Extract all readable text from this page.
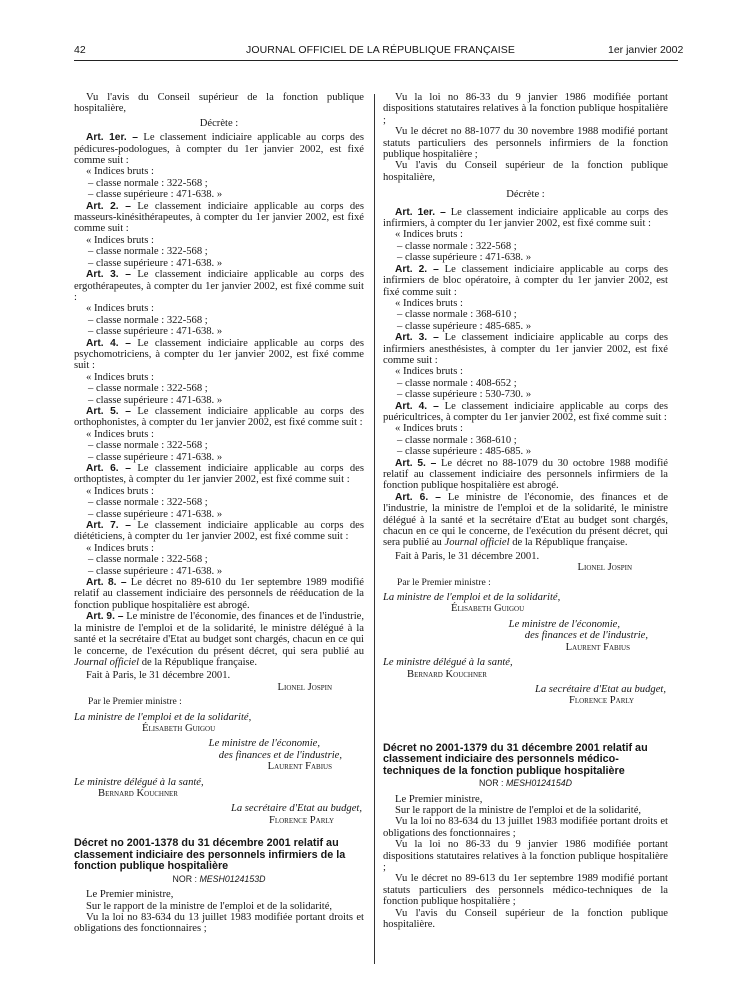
42	JOURNAL OFFICIEL DE LA RÉPUBLIQUE FRANÇAISE	1er janvier 2002

Vu l'avis du Conseil supérieur de la fonction publique hospitalière,

Décrète :

Art. 1er. – Le classement indiciaire applicable au corps des pédicures-podologues, à compter du 1er janvier 2002, est fixé comme suit :

« Indices bruts :

– classe normale : 322-568 ;

– classe supérieure : 471-638. »

Art. 2. – Le classement indiciaire applicable au corps des masseurs-kinésithérapeutes, à compter du 1er janvier 2002, est fixé comme suit :

« Indices bruts :

– classe normale : 322-568 ;

– classe supérieure : 471-638. »

Art. 3. – Le classement indiciaire applicable au corps des ergothérapeutes, à compter du 1er janvier 2002, est fixé comme suit :

« Indices bruts :

– classe normale : 322-568 ;

– classe supérieure : 471-638. »

Art. 4. – Le classement indiciaire applicable au corps des psychomotriciens, à compter du 1er janvier 2002, est fixé comme suit :

« Indices bruts :

– classe normale : 322-568 ;

– classe supérieure : 471-638. »

Art. 5. – Le classement indiciaire applicable au corps des orthophonistes, à compter du 1er janvier 2002, est fixé comme suit :

« Indices bruts :

– classe normale : 322-568 ;

– classe supérieure : 471-638. »

Art. 6. – Le classement indiciaire applicable au corps des orthoptistes, à compter du 1er janvier 2002, est fixé comme suit :

« Indices bruts :

– classe normale : 322-568 ;

– classe supérieure : 471-638. »

Art. 7. – Le classement indiciaire applicable au corps des diététiciens, à compter du 1er janvier 2002, est fixé comme suit :

« Indices bruts :

– classe normale : 322-568 ;

– classe supérieure : 471-638. »

Art. 8. – Le décret no 89-610 du 1er septembre 1989 modifié relatif au classement indiciaire des personnels de rééducation de la fonction publique hospitalière est abrogé.

Art. 9. – Le ministre de l'économie, des finances et de l'industrie, la ministre de l'emploi et de la solidarité, le ministre délégué à la santé et la secrétaire d'Etat au budget sont chargés, chacun en ce qui le concerne, de l'exécution du présent décret, qui sera publié au Journal officiel de la République française.

Fait à Paris, le 31 décembre 2001.

Lionel Jospin

Par le Premier ministre :

La ministre de l'emploi et de la solidarité,

Élisabeth Guigou

Le ministre de l'économie,

des finances et de l'industrie,

Laurent Fabius

Le ministre délégué à la santé,

Bernard Kouchner

La secrétaire d'Etat au budget,

Florence Parly

Décret no 2001-1378 du 31 décembre 2001 relatif au classement indiciaire des personnels infirmiers de la fonction publique hospitalière

NOR : MESH0124153D

Le Premier ministre,

Sur le rapport de la ministre de l'emploi et de la solidarité,

Vu la loi no 83-634 du 13 juillet 1983 modifiée portant droits et obligations des fonctionnaires ;

Vu la loi no 86-33 du 9 janvier 1986 modifiée portant dispositions statutaires relatives à la fonction publique hospitalière ;

Vu le décret no 88-1077 du 30 novembre 1988 modifié portant statuts particuliers des personnels infirmiers de la fonction publique hospitalière ;

Vu l'avis du Conseil supérieur de la fonction publique hospitalière,

Décrète :

Art. 1er. – Le classement indiciaire applicable au corps des infirmiers, à compter du 1er janvier 2002, est fixé comme suit :

« Indices bruts :

– classe normale : 322-568 ;

– classe supérieure : 471-638. »

Art. 2. – Le classement indiciaire applicable au corps des infirmiers de bloc opératoire, à compter du 1er janvier 2002, est fixé comme suit :

« Indices bruts :

– classe normale : 368-610 ;

– classe supérieure : 485-685. »

Art. 3. – Le classement indiciaire applicable au corps des infirmiers anesthésistes, à compter du 1er janvier 2002, est fixé comme suit :

« Indices bruts :

– classe normale : 408-652 ;

– classe supérieure : 530-730. »

Art. 4. – Le classement indiciaire applicable au corps des puéricultrices, à compter du 1er janvier 2002, est fixé comme suit :

« Indices bruts :

– classe normale : 368-610 ;

– classe supérieure : 485-685. »

Art. 5. – Le décret no 88-1079 du 30 octobre 1988 modifié relatif au classement indiciaire des personnels infirmiers de la fonction publique hospitalière est abrogé.

Art. 6. – Le ministre de l'économie, des finances et de l'industrie, la ministre de l'emploi et de la solidarité, le ministre délégué à la santé et la secrétaire d'Etat au budget sont chargés, chacun en ce qui le concerne, de l'exécution du présent décret, qui sera publié au Journal officiel de la République française.

Fait à Paris, le 31 décembre 2001.

Lionel Jospin

Par le Premier ministre :

La ministre de l'emploi et de la solidarité,

Élisabeth Guigou

Le ministre de l'économie,

des finances et de l'industrie,

Laurent Fabius

Le ministre délégué à la santé,

Bernard Kouchner

La secrétaire d'Etat au budget,

Florence Parly

Décret no 2001-1379 du 31 décembre 2001 relatif au classement indiciaire des personnels médico-techniques de la fonction publique hospitalière

NOR : MESH0124154D

Le Premier ministre,

Sur le rapport de la ministre de l'emploi et de la solidarité,

Vu la loi no 83-634 du 13 juillet 1983 modifiée portant droits et obligations des fonctionnaires ;

Vu la loi no 86-33 du 9 janvier 1986 modifiée portant dispositions statutaires relatives à la fonction publique hospitalière ;

Vu le décret no 89-613 du 1er septembre 1989 modifié portant statuts particuliers des personnels médico-techniques de la fonction publique hospitalière ;

Vu l'avis du Conseil supérieur de la fonction publique hospitalière.
